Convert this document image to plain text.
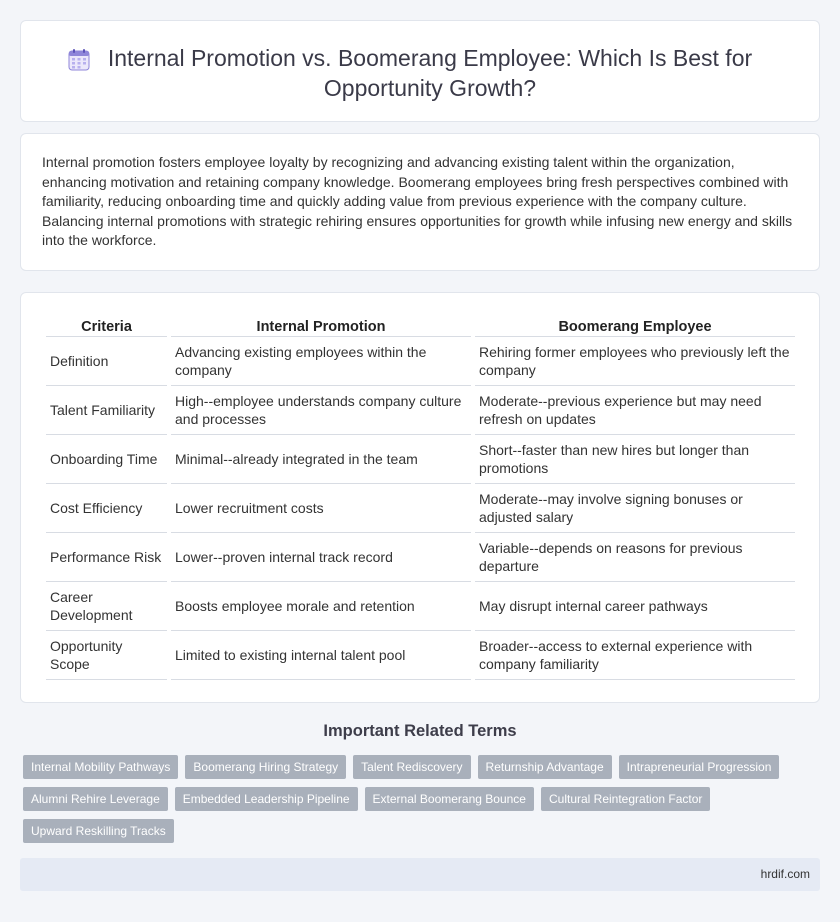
Internal Promotion vs. Boomerang Employee: Which Is Best for Opportunity Growth?

Internal promotion fosters employee loyalty by recognizing and advancing existing talent within the organization, enhancing motivation and retaining company knowledge. Boomerang employees bring fresh perspectives combined with familiarity, reducing onboarding time and quickly adding value from previous experience with the company culture. Balancing internal promotions with strategic rehiring ensures opportunities for growth while infusing new energy and skills into the workforce.

Criteria	Internal Promotion	Boomerang Employee
Definition	Advancing existing employees within the company	Rehiring former employees who previously left the company
Talent Familiarity	High--employee understands company culture and processes	Moderate--previous experience but may need refresh on updates
Onboarding Time	Minimal--already integrated in the team	Short--faster than new hires but longer than promotions
Cost Efficiency	Lower recruitment costs	Moderate--may involve signing bonuses or adjusted salary
Performance Risk	Lower--proven internal track record	Variable--depends on reasons for previous departure
Career Development	Boosts employee morale and retention	May disrupt internal career pathways
Opportunity Scope	Limited to existing internal talent pool	Broader--access to external experience with company familiarity
Important Related Terms
Internal Mobility Pathways	Boomerang Hiring Strategy	Talent Rediscovery	Returnship Advantage	Intrapreneurial Progression
Alumni Rehire Leverage	Embedded Leadership Pipeline	External Boomerang Bounce	Cultural Reintegration Factor
Upward Reskilling Tracks
hrdif.com
